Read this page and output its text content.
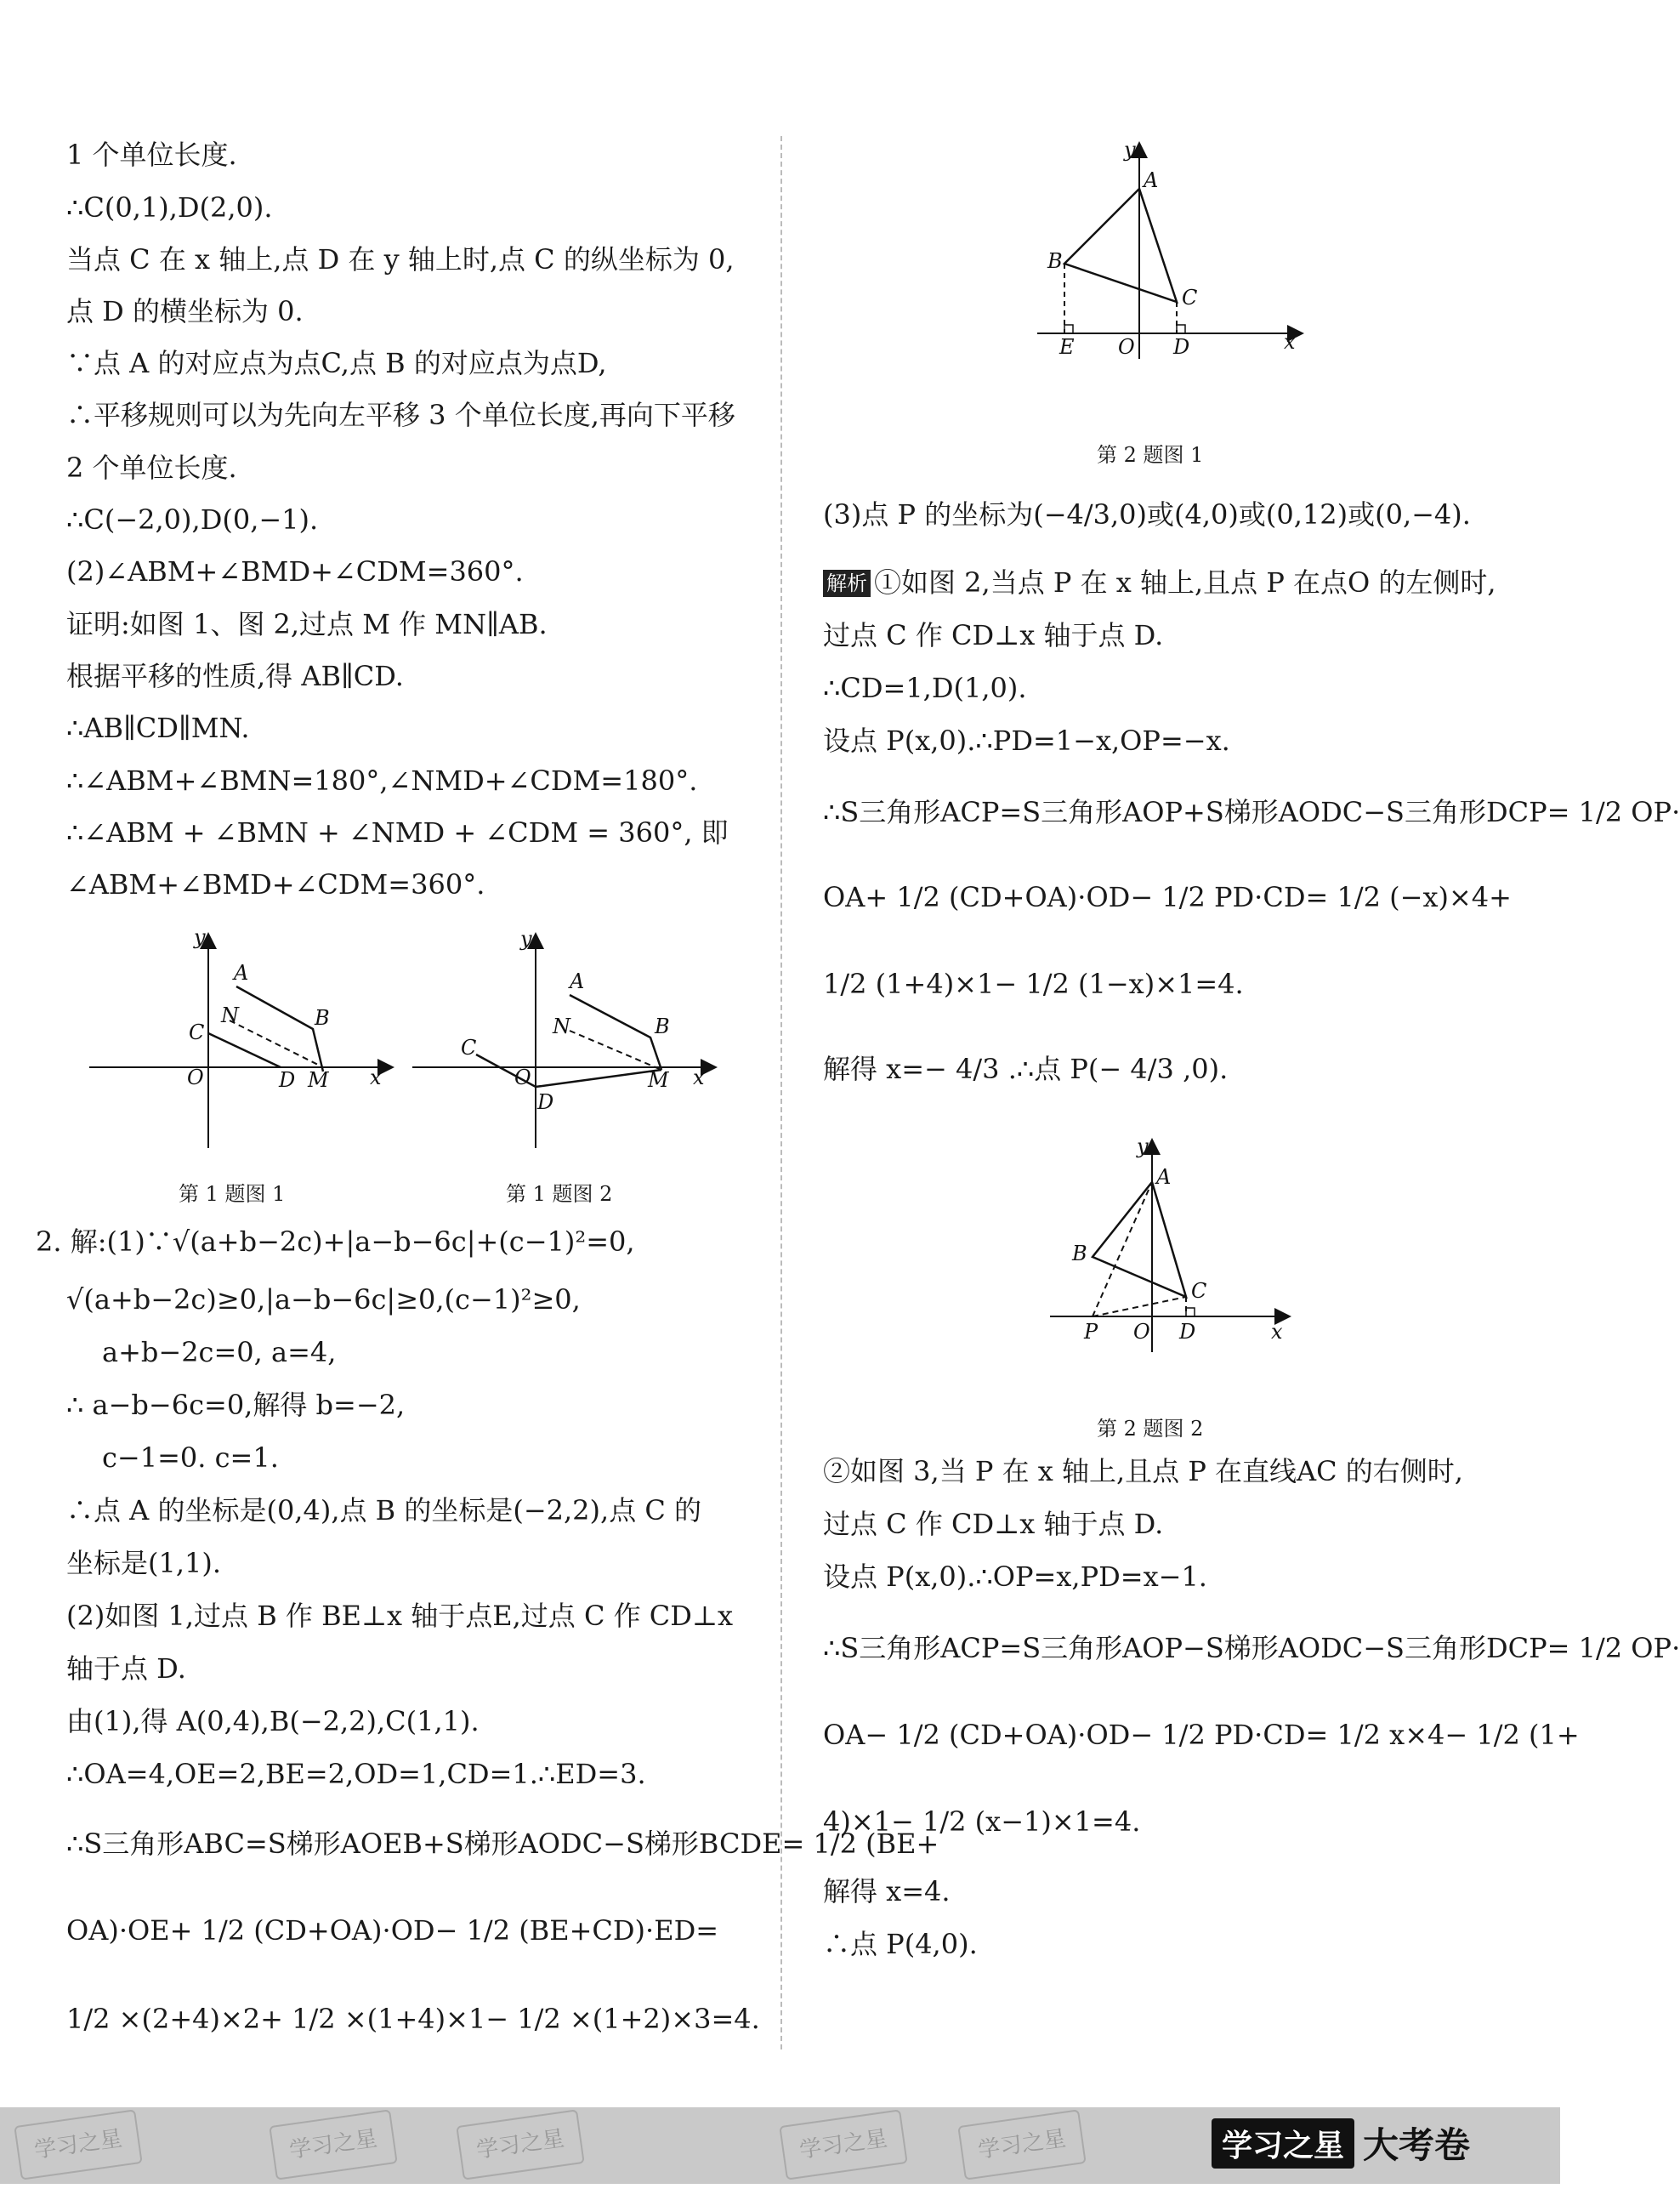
1 个单位长度.
∴C(0,1),D(2,0).
当点 C 在 x 轴上,点 D 在 y 轴上时,点 C 的纵坐标为 0,
点 D 的横坐标为 0.
∵点 A 的对应点为点C,点 B 的对应点为点D,
∴平移规则可以为先向左平移 3 个单位长度,再向下平移
2 个单位长度.
∴C(−2,0),D(0,−1).
(2)∠ABM+∠BMD+∠CDM=360°.
证明:如图 1、图 2,过点 M 作 MN∥AB.
根据平移的性质,得 AB∥CD.
∴AB∥CD∥MN.
∴∠ABM+∠BMN=180°,∠NMD+∠CDM=180°.
∴∠ABM + ∠BMN + ∠NMD + ∠CDM = 360°, 即
∠ABM+∠BMD+∠CDM=360°.
y
A
B
C
N
O	D M x
第 1 题图 1
y
A
B
C
N
O
D
M x
第 1 题图 2
2. 解:(1)∵√(a+b−2c)+|a−b−6c|+(c−1)²=0,
√(a+b−2c)≥0,|a−b−6c|≥0,(c−1)²≥0,
a+b−2c=0, a=4,
∴ a−b−6c=0,解得 b=−2,
c−1=0. c=1.
∴点 A 的坐标是(0,4),点 B 的坐标是(−2,2),点 C 的
坐标是(1,1).
(2)如图 1,过点 B 作 BE⊥x 轴于点E,过点 C 作 CD⊥x
轴于点 D.
由(1),得 A(0,4),B(−2,2),C(1,1).
∴OA=4,OE=2,BE=2,OD=1,CD=1.∴ED=3.
∴S三角形ABC=S梯形AOEB+S梯形AODC−S梯形BCDE= 1/2 (BE+
OA)·OE+ 1/2 (CD+OA)·OD− 1/2 (BE+CD)·ED=
1/2 ×(2+4)×2+ 1/2 ×(1+4)×1− 1/2 ×(1+2)×3=4.
y
A
B
C
E O D	x
第 2 题图 1
(3)点 P 的坐标为(−4/3,0)或(4,0)或(0,12)或(0,−4).
解析 ①如图 2,当点 P 在 x 轴上,且点 P 在点O 的左侧时,
过点 C 作 CD⊥x 轴于点 D.
∴CD=1,D(1,0).
设点 P(x,0).∴PD=1−x,OP=−x.
∴S三角形ACP=S三角形AOP+S梯形AODC−S三角形DCP= 1/2 OP·
OA+ 1/2 (CD+OA)·OD− 1/2 PD·CD= 1/2 (−x)×4+
1/2 (1+4)×1− 1/2 (1−x)×1=4.
解得 x=− 4/3 .∴点 P(− 4/3 ,0).
y
A
B
C
P O D	x
第 2 题图 2
②如图 3,当 P 在 x 轴上,且点 P 在直线AC 的右侧时,
过点 C 作 CD⊥x 轴于点 D.
设点 P(x,0).∴OP=x,PD=x−1.
∴S三角形ACP=S三角形AOP−S梯形AODC−S三角形DCP= 1/2 OP·
OA− 1/2 (CD+OA)·OD− 1/2 PD·CD= 1/2 x×4− 1/2 (1+
4)×1− 1/2 (x−1)×1=4.
解得 x=4.
∴点 P(4,0).
学习之星	学习之星	学习之星	学习之星	学习之星	学习之星 大考卷
